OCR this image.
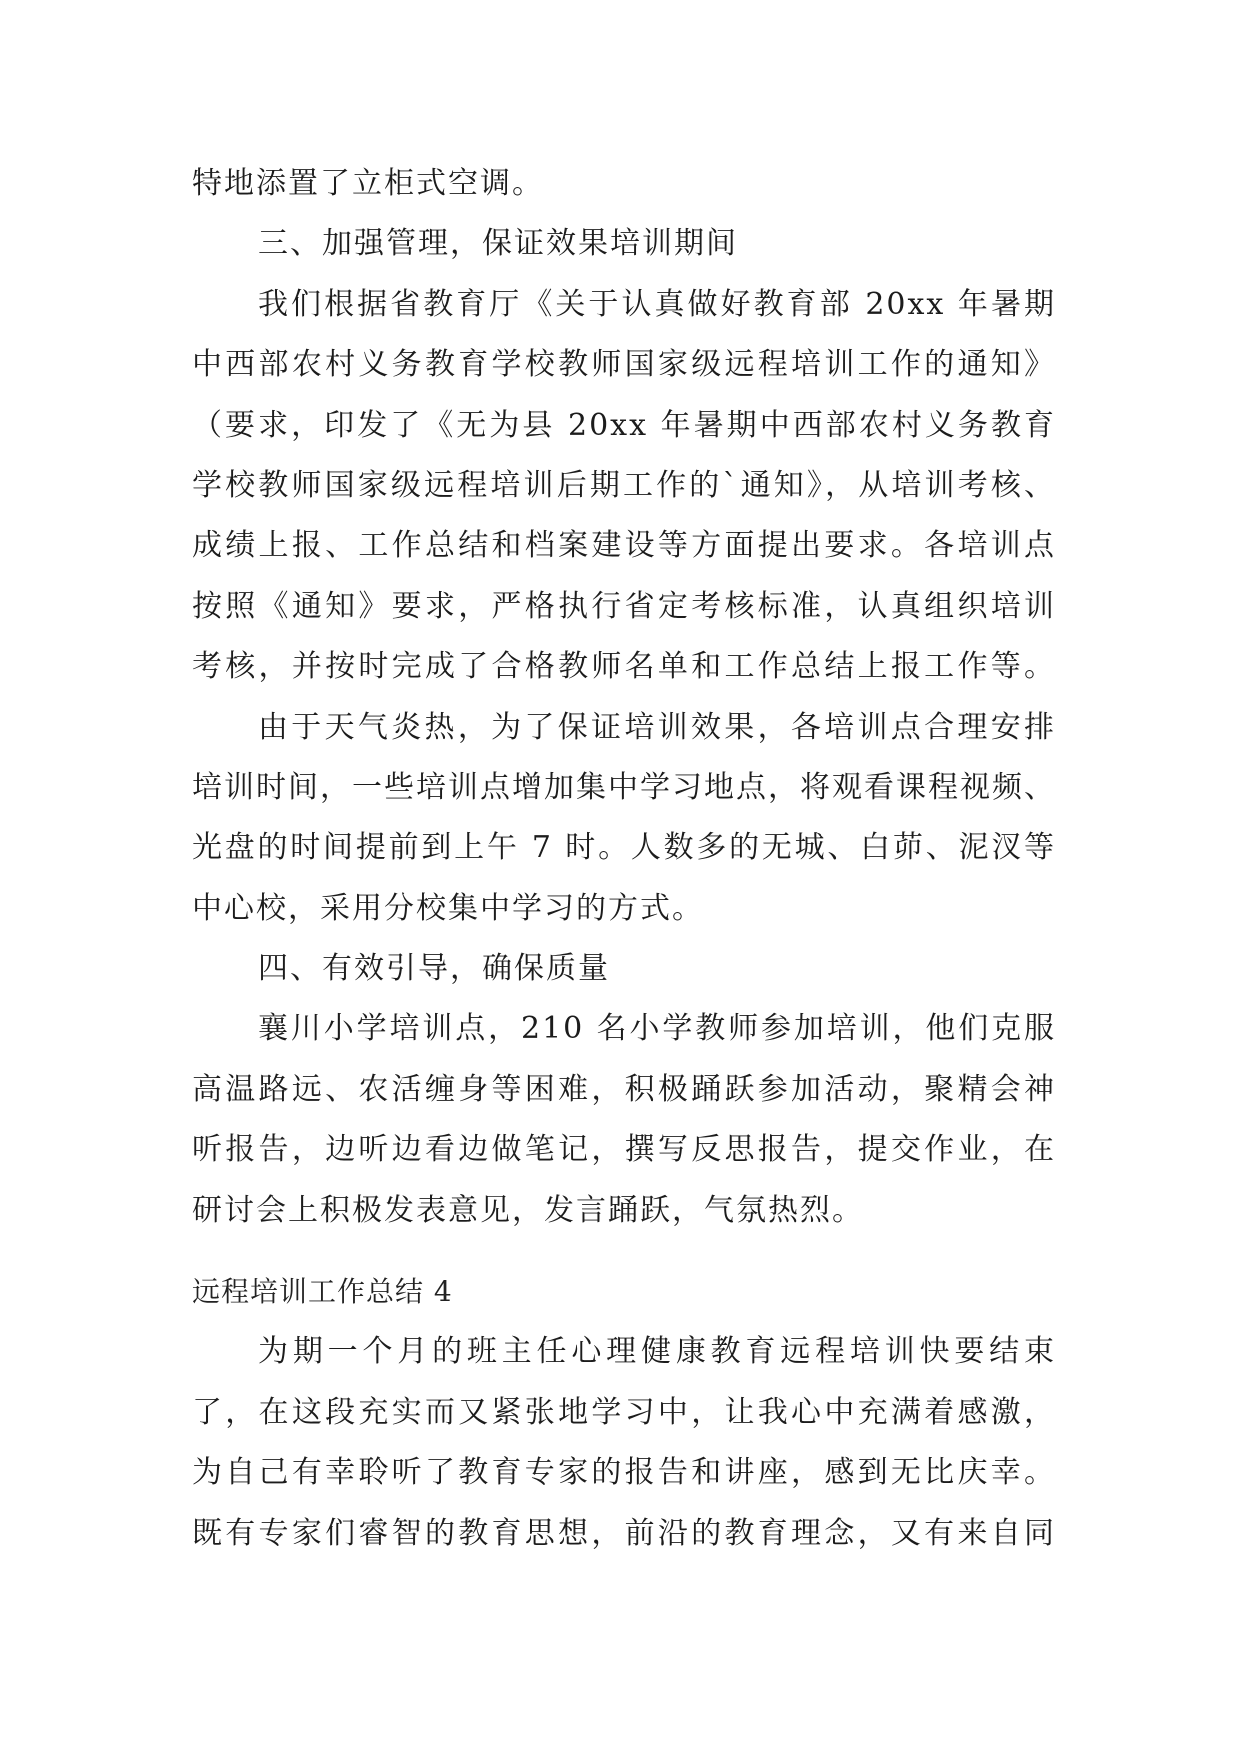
特地添置了立柜式空调。
三、加强管理，保证效果培训期间
我们根据省教育厅《关于认真做好教育部 20xx 年暑期
中西部农村义务教育学校教师国家级远程培训工作的通知》
（要求，印发了《无为县 20xx 年暑期中西部农村义务教育
学校教师国家级远程培训后期工作的`通知》，从培训考核、
成绩上报、工作总结和档案建设等方面提出要求。各培训点
按照《通知》要求，严格执行省定考核标准，认真组织培训
考核，并按时完成了合格教师名单和工作总结上报工作等。
由于天气炎热，为了保证培训效果，各培训点合理安排
培训时间，一些培训点增加集中学习地点，将观看课程视频、
光盘的时间提前到上午 7 时。人数多的无城、白茆、泥汊等
中心校，采用分校集中学习的方式。
四、有效引导，确保质量
襄川小学培训点，210 名小学教师参加培训，他们克服
高温路远、农活缠身等困难，积极踊跃参加活动，聚精会神
听报告，边听边看边做笔记，撰写反思报告，提交作业，在
研讨会上积极发表意见，发言踊跃，气氛热烈。
远程培训工作总结 4
为期一个月的班主任心理健康教育远程培训快要结束
了，在这段充实而又紧张地学习中，让我心中充满着感激，
为自己有幸聆听了教育专家的报告和讲座，感到无比庆幸。
既有专家们睿智的教育思想，前沿的教育理念，又有来自同
